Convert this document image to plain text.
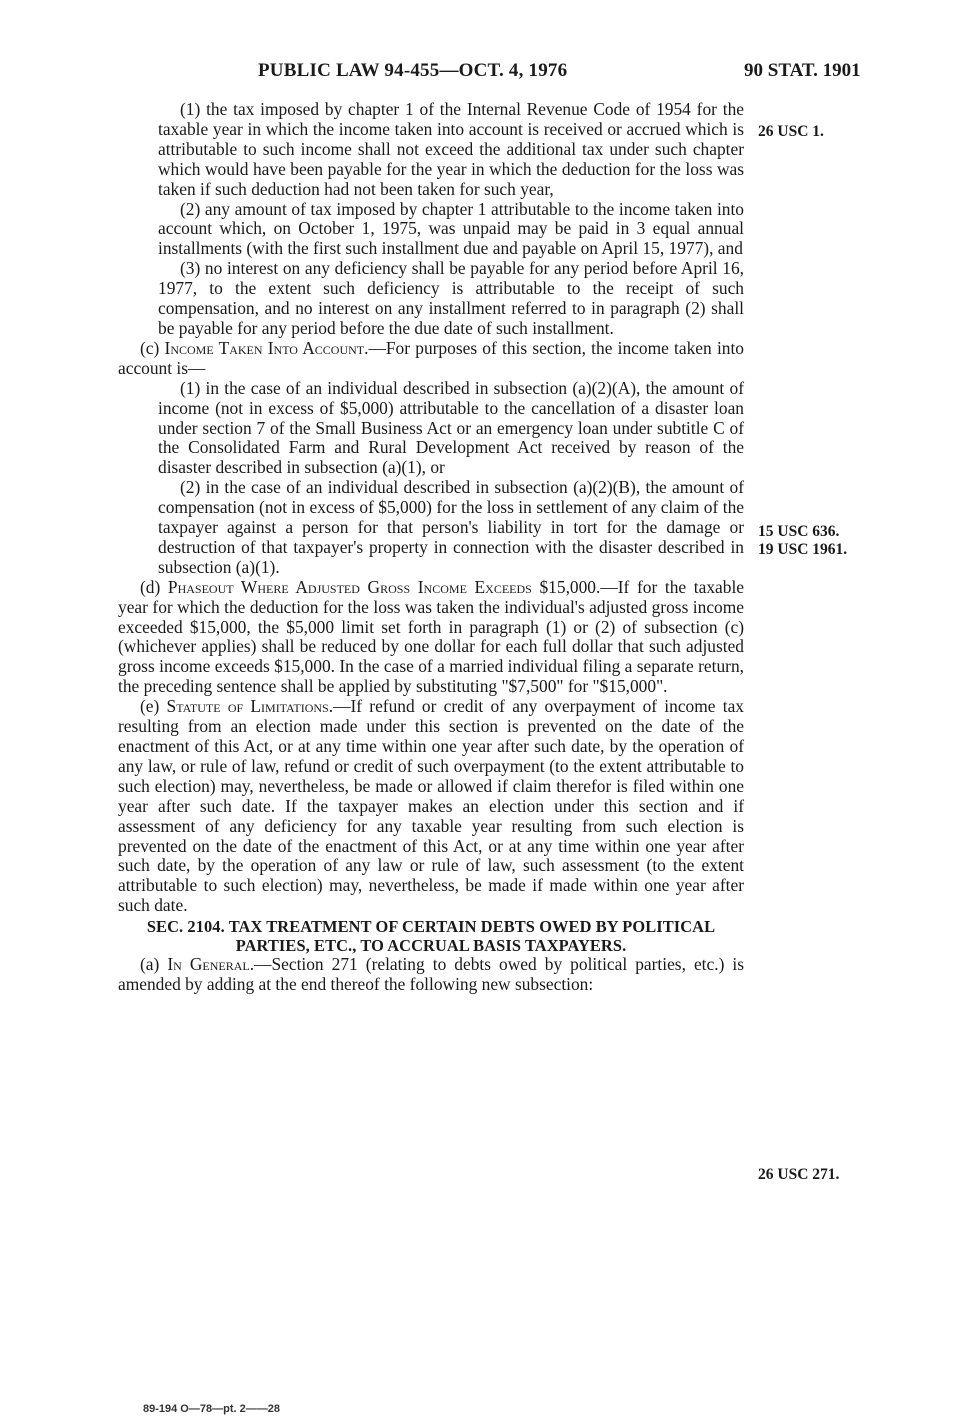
PUBLIC LAW 94-455—OCT. 4, 1976	90 STAT. 1901
26 USC 1.
15 USC 636.
19 USC 1961.
26 USC 271.

(1) the tax imposed by chapter 1 of the Internal Revenue Code of 1954 for the taxable year in which the income taken into account is received or accrued which is attributable to such income shall not exceed the additional tax under such chapter which would have been payable for the year in which the deduction for the loss was taken if such deduction had not been taken for such year,

(2) any amount of tax imposed by chapter 1 attributable to the income taken into account which, on October 1, 1975, was unpaid may be paid in 3 equal annual installments (with the first such installment due and payable on April 15, 1977), and

(3) no interest on any deficiency shall be payable for any period before April 16, 1977, to the extent such deficiency is attributable to the receipt of such compensation, and no interest on any installment referred to in paragraph (2) shall be payable for any period before the due date of such installment.

(c) Income Taken Into Account.—For purposes of this section, the income taken into account is—

(1) in the case of an individual described in subsection (a)(2)(A), the amount of income (not in excess of $5,000) attributable to the cancellation of a disaster loan under section 7 of the Small Business Act or an emergency loan under subtitle C of the Consolidated Farm and Rural Development Act received by reason of the disaster described in subsection (a)(1), or

(2) in the case of an individual described in subsection (a)(2)(B), the amount of compensation (not in excess of $5,000) for the loss in settlement of any claim of the taxpayer against a person for that person's liability in tort for the damage or destruction of that taxpayer's property in connection with the disaster described in subsection (a)(1).

(d) Phaseout Where Adjusted Gross Income Exceeds $15,000.—If for the taxable year for which the deduction for the loss was taken the individual's adjusted gross income exceeded $15,000, the $5,000 limit set forth in paragraph (1) or (2) of subsection (c) (whichever applies) shall be reduced by one dollar for each full dollar that such adjusted gross income exceeds $15,000. In the case of a married individual filing a separate return, the preceding sentence shall be applied by substituting "$7,500" for "$15,000".

(e) Statute of Limitations.—If refund or credit of any overpayment of income tax resulting from an election made under this section is prevented on the date of the enactment of this Act, or at any time within one year after such date, by the operation of any law, or rule of law, refund or credit of such overpayment (to the extent attributable to such election) may, nevertheless, be made or allowed if claim therefor is filed within one year after such date. If the taxpayer makes an election under this section and if assessment of any deficiency for any taxable year resulting from such election is prevented on the date of the enactment of this Act, or at any time within one year after such date, by the operation of any law or rule of law, such assessment (to the extent attributable to such election) may, nevertheless, be made if made within one year after such date.

SEC. 2104. TAX TREATMENT OF CERTAIN DEBTS OWED BY POLITICAL PARTIES, ETC., TO ACCRUAL BASIS TAXPAYERS.

(a) In General.—Section 271 (relating to debts owed by political parties, etc.) is amended by adding at the end thereof the following new subsection:

89-194 O—78—pt. 2——28
